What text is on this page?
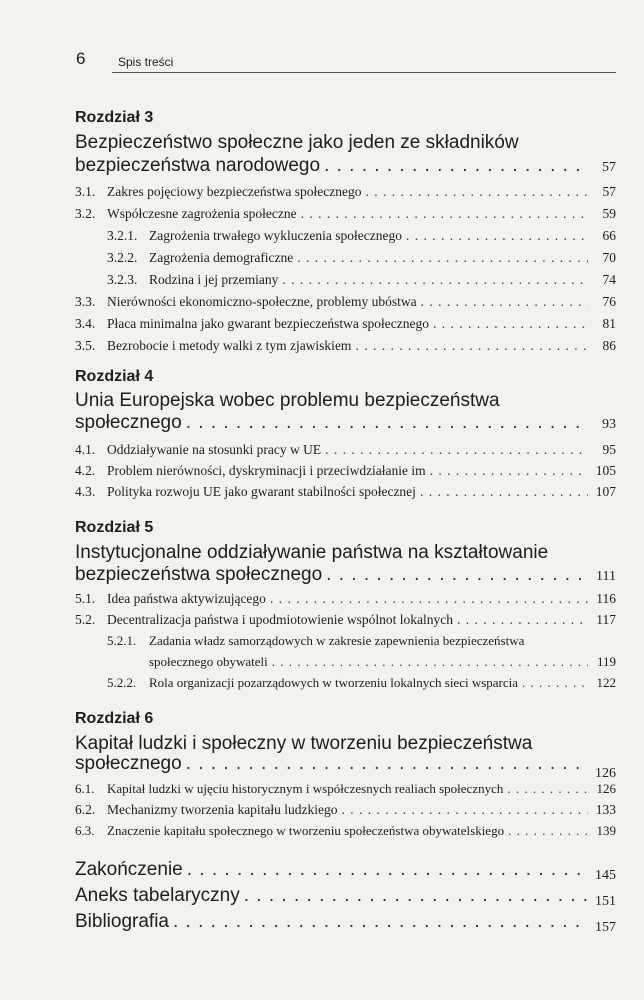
6	Spis treści
Rozdział 3
Bezpieczeństwo społeczne jako jeden ze składników
bezpieczeństwa narodowego . . .	57
3.1. Zakres pojęciowy bezpieczeństwa społecznego . . .	57
3.2. Współczesne zagrożenia społeczne . . .	59
3.2.1. Zagrożenia trwałego wykluczenia społecznego . . .	66
3.2.2. Zagrożenia demograficzne . . .	70
3.2.3. Rodzina i jej przemiany . . .	74
3.3. Nierówności ekonomiczno-społeczne, problemy ubóstwa . . .	76
3.4. Płaca minimalna jako gwarant bezpieczeństwa społecznego . . .	81
3.5. Bezrobocie i metody walki z tym zjawiskiem . . .	86
Rozdział 4
Unia Europejska wobec problemu bezpieczeństwa
społecznego . . .	93
4.1. Oddziaływanie na stosunki pracy w UE . . .	95
4.2. Problem nierówności, dyskryminacji i przeciwdziałanie im . . .	105
4.3. Polityka rozwoju UE jako gwarant stabilności społecznej . . .	107
Rozdział 5
Instytucjonalne oddziaływanie państwa na kształtowanie
bezpieczeństwa społecznego . . .	111
5.1. Idea państwa aktywizującego . . .	116
5.2. Decentralizacja państwa i upodmiotowienie wspólnot lokalnych . . .	117
5.2.1. Zadania władz samorządowych w zakresie zapewnienia bezpieczeństwa
społecznego obywateli . . .	119
5.2.2. Rola organizacji pozarządowych w tworzeniu lokalnych sieci wsparcia . . .	122
Rozdział 6
Kapitał ludzki i społeczny w tworzeniu bezpieczeństwa
społecznego . . .	126
6.1. Kapitał ludzki w ujęciu historycznym i współczesnych realiach społecznych . . .	126
6.2. Mechanizmy tworzenia kapitału ludzkiego . . .	133
6.3. Znaczenie kapitału społecznego w tworzeniu społeczeństwa obywatelskiego . . .	139
Zakończenie . . .	145
Aneks tabelaryczny . . .	151
Bibliografia . . .	157
